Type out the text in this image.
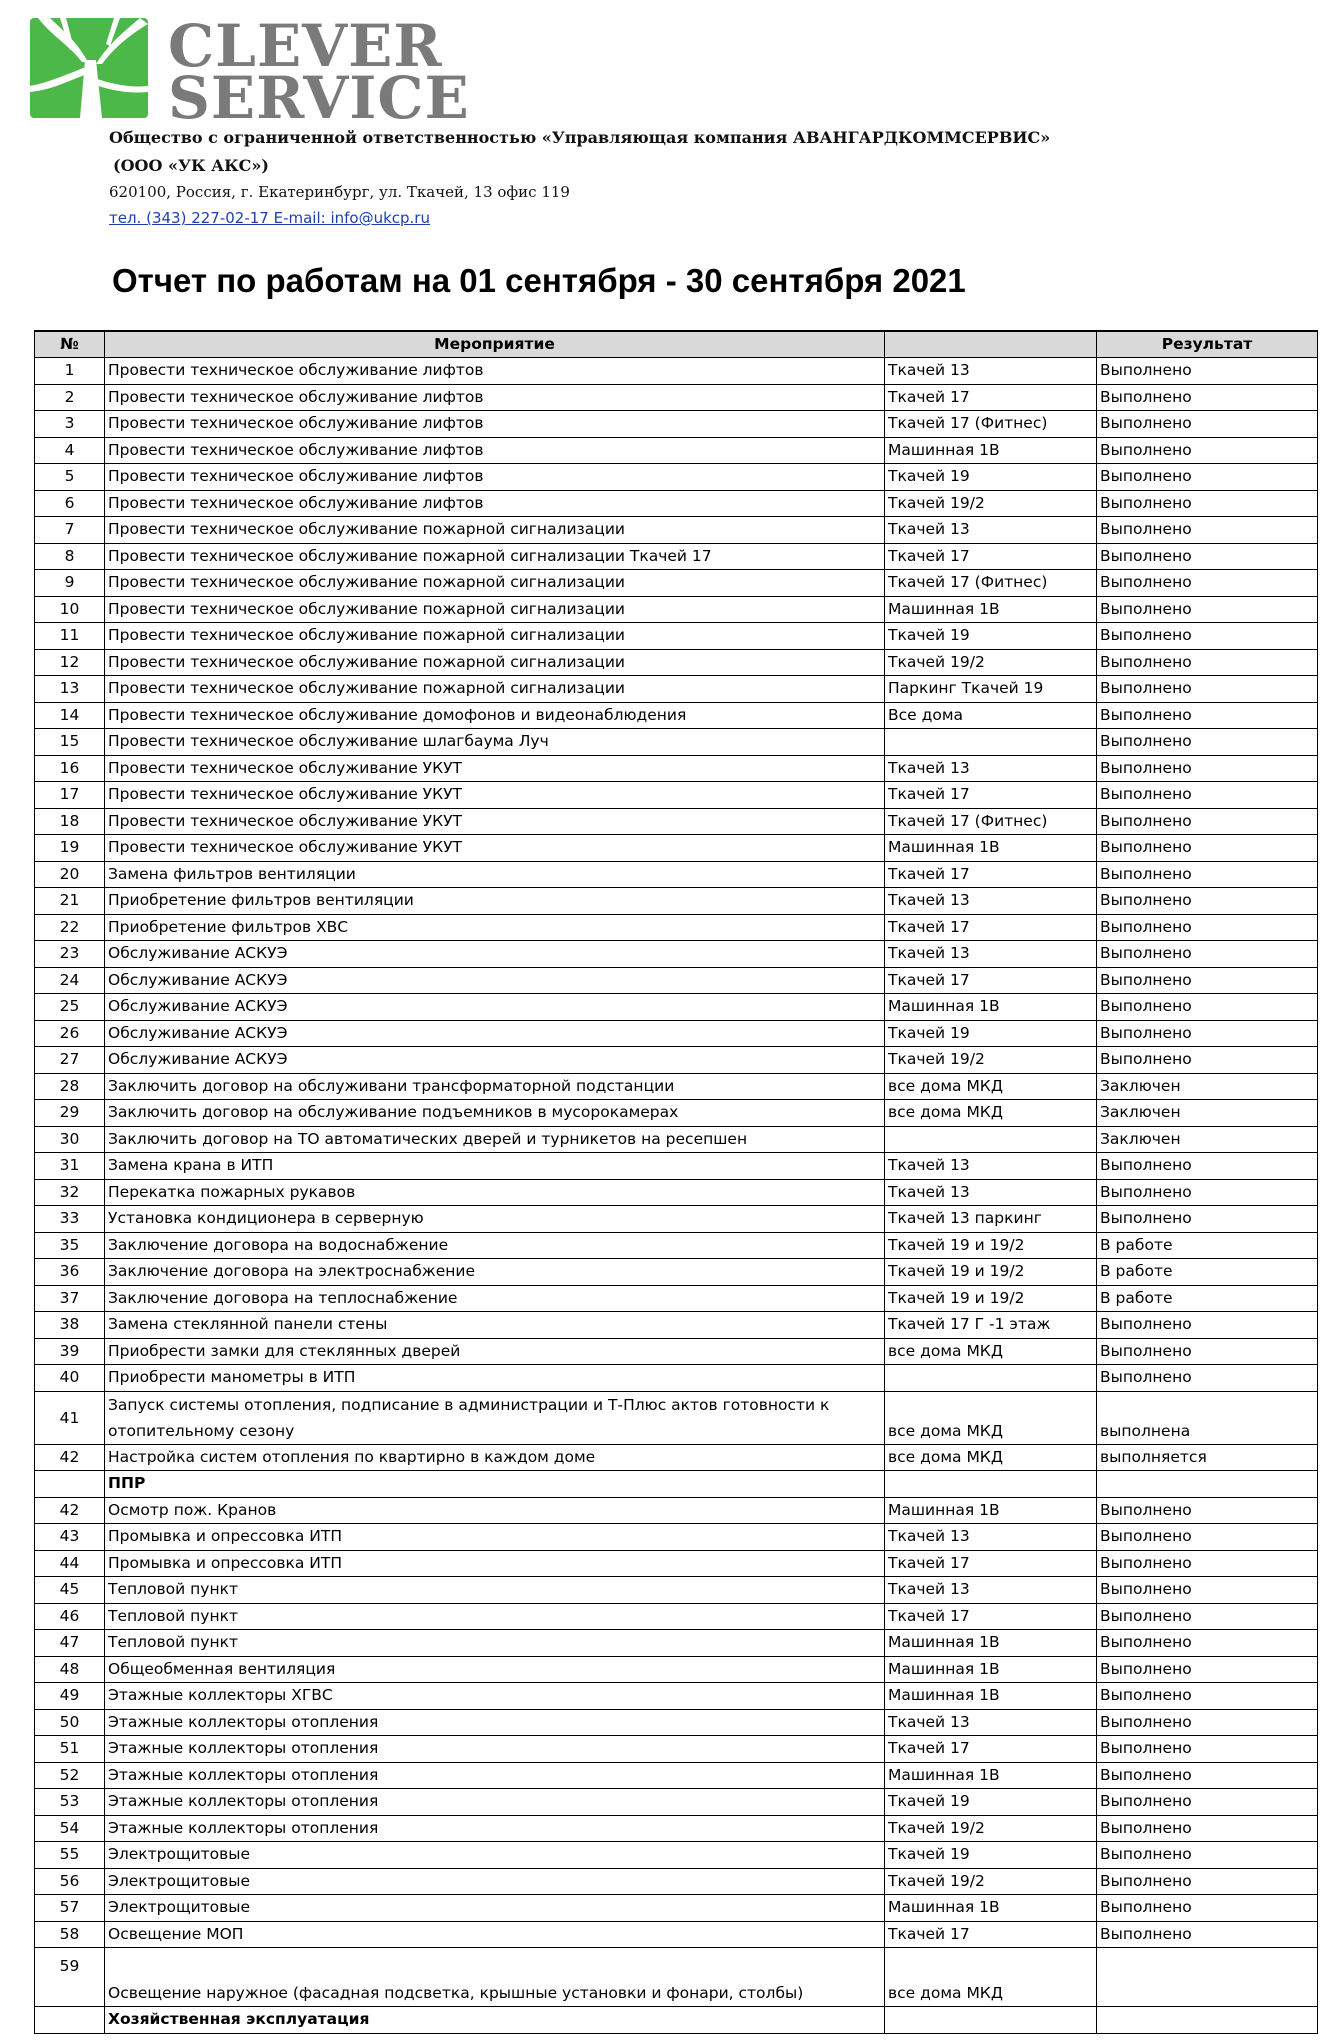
CLEVER
SERVICE
Общество с ограниченной ответственностью «Управляющая компания АВАНГАРДКОММСЕРВИС»
(ООО «УК АКС»)
620100, Россия, г. Екатеринбург, ул. Ткачей, 13 офис 119
тел. (343) 227-02-17 E-mail: info@ukcp.ru
Отчет по работам на 01 сентября - 30 сентября 2021
№	Мероприятие		Результат
1	Провести техническое обслуживание лифтов	Ткачей 13	Выполнено
2	Провести техническое обслуживание лифтов	Ткачей 17	Выполнено
3	Провести техническое обслуживание лифтов	Ткачей 17 (Фитнес)	Выполнено
4	Провести техническое обслуживание лифтов	Машинная 1В	Выполнено
5	Провести техническое обслуживание лифтов	Ткачей 19	Выполнено
6	Провести техническое обслуживание лифтов	Ткачей 19/2	Выполнено
7	Провести техническое обслуживание пожарной сигнализации	Ткачей 13	Выполнено
8	Провести техническое обслуживание пожарной сигнализации Ткачей 17	Ткачей 17	Выполнено
9	Провести техническое обслуживание пожарной сигнализации	Ткачей 17 (Фитнес)	Выполнено
10	Провести техническое обслуживание пожарной сигнализации	Машинная 1В	Выполнено
11	Провести техническое обслуживание пожарной сигнализации	Ткачей 19	Выполнено
12	Провести техническое обслуживание пожарной сигнализации	Ткачей 19/2	Выполнено
13	Провести техническое обслуживание пожарной сигнализации	Паркинг Ткачей 19	Выполнено
14	Провести техническое обслуживание домофонов и видеонаблюдения	Все дома	Выполнено
15	Провести техническое обслуживание шлагбаума Луч		Выполнено
16	Провести техническое обслуживание УКУТ	Ткачей 13	Выполнено
17	Провести техническое обслуживание УКУТ	Ткачей 17	Выполнено
18	Провести техническое обслуживание УКУТ	Ткачей 17 (Фитнес)	Выполнено
19	Провести техническое обслуживание УКУТ	Машинная 1В	Выполнено
20	Замена фильтров вентиляции	Ткачей 17	Выполнено
21	Приобретение фильтров вентиляции	Ткачей 13	Выполнено
22	Приобретение фильтров ХВС	Ткачей 17	Выполнено
23	Обслуживание АСКУЭ	Ткачей 13	Выполнено
24	Обслуживание АСКУЭ	Ткачей 17	Выполнено
25	Обслуживание АСКУЭ	Машинная 1В	Выполнено
26	Обслуживание АСКУЭ	Ткачей 19	Выполнено
27	Обслуживание АСКУЭ	Ткачей 19/2	Выполнено
28	Заключить договор на обслуживани трансформаторной подстанции	все дома МКД	Заключен
29	Заключить договор на обслуживание подъемников в мусорокамерах	все дома МКД	Заключен
30	Заключить договор на ТО автоматических дверей и турникетов на ресепшен		Заключен
31	Замена крана в ИТП	Ткачей 13	Выполнено
32	Перекатка пожарных рукавов	Ткачей 13	Выполнено
33	Установка кондиционера в серверную	Ткачей 13 паркинг	Выполнено
35	Заключение договора на водоснабжение	Ткачей 19 и 19/2	В работе
36	Заключение договора на электроснабжение	Ткачей 19 и 19/2	В работе
37	Заключение договора на теплоснабжение	Ткачей 19 и 19/2	В работе
38	Замена стеклянной панели стены	Ткачей 17 Г -1 этаж	Выполнено
39	Приобрести замки для стеклянных дверей	все дома МКД	Выполнено
40	Приобрести манометры в ИТП		Выполнено
41	Запуск системы отопления, подписание в администрации и Т-Плюс актов готовности к отопительному сезону	все дома МКД	выполнена
42	Настройка систем отопления по квартирно в каждом доме	все дома МКД	выполняется
	ППР		
42	Осмотр пож. Кранов	Машинная 1В	Выполнено
43	Промывка и опрессовка ИТП	Ткачей 13	Выполнено
44	Промывка и опрессовка ИТП	Ткачей 17	Выполнено
45	Тепловой пункт	Ткачей 13	Выполнено
46	Тепловой пункт	Ткачей 17	Выполнено
47	Тепловой пункт	Машинная 1В	Выполнено
48	Общеобменная вентиляция	Машинная 1В	Выполнено
49	Этажные коллекторы ХГВС	Машинная 1В	Выполнено
50	Этажные коллекторы отопления	Ткачей 13	Выполнено
51	Этажные коллекторы отопления	Ткачей 17	Выполнено
52	Этажные коллекторы отопления	Машинная 1В	Выполнено
53	Этажные коллекторы отопления	Ткачей 19	Выполнено
54	Этажные коллекторы отопления	Ткачей 19/2	Выполнено
55	Электрощитовые	Ткачей 19	Выполнено
56	Электрощитовые	Ткачей 19/2	Выполнено
57	Электрощитовые	Машинная 1В	Выполнено
58	Освещение МОП	Ткачей 17	Выполнено
59	Освещение наружное (фасадная подсветка, крышные установки и фонари, столбы)	все дома МКД	
	Хозяйственная эксплуатация		
